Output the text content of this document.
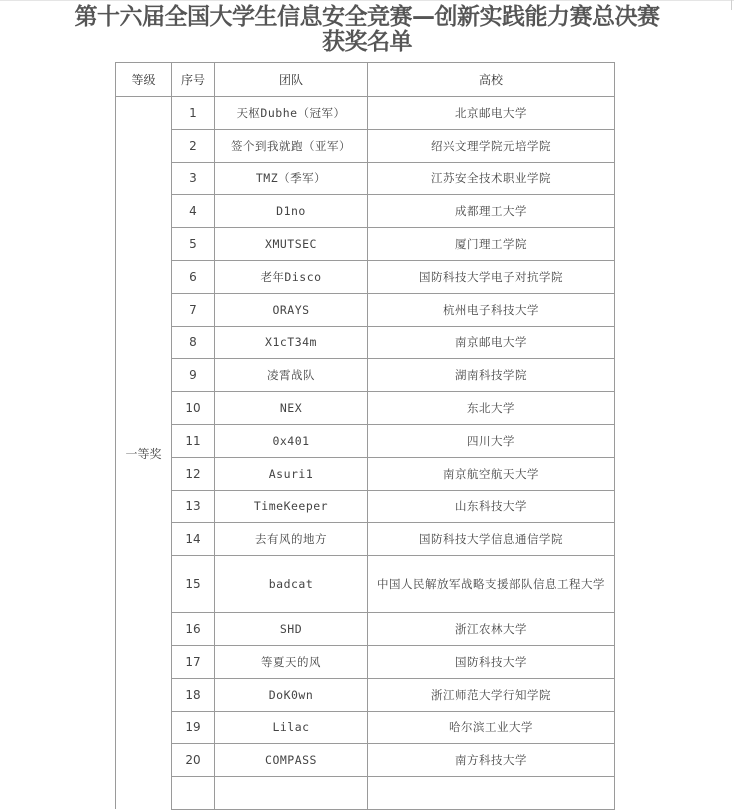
第十六届全国大学生信息安全竞赛—创新实践能力赛总决赛
获奖名单
等级	序号	团队	高校
一等奖	1	天枢Dubhe（冠军）	北京邮电大学
	2	签个到我就跑（亚军）	绍兴文理学院元培学院
	3	TMZ（季军）	江苏安全技术职业学院
	4	D1no	成都理工大学
	5	XMUTSEC	厦门理工学院
	6	老年Disco	国防科技大学电子对抗学院
	7	ORAYS	杭州电子科技大学
	8	X1cT34m	南京邮电大学
	9	凌霄战队	湖南科技学院
	10	NEX	东北大学
	11	0x401	四川大学
	12	Asuri1	南京航空航天大学
	13	TimeKeeper	山东科技大学
	14	去有风的地方	国防科技大学信息通信学院
	15	badcat	中国人民解放军战略支援部队信息工程大学
	16	SHD	浙江农林大学
	17	等夏天的风	国防科技大学
	18	DoK0wn	浙江师范大学行知学院
	19	Lilac	哈尔滨工业大学
	20	COMPASS	南方科技大学
